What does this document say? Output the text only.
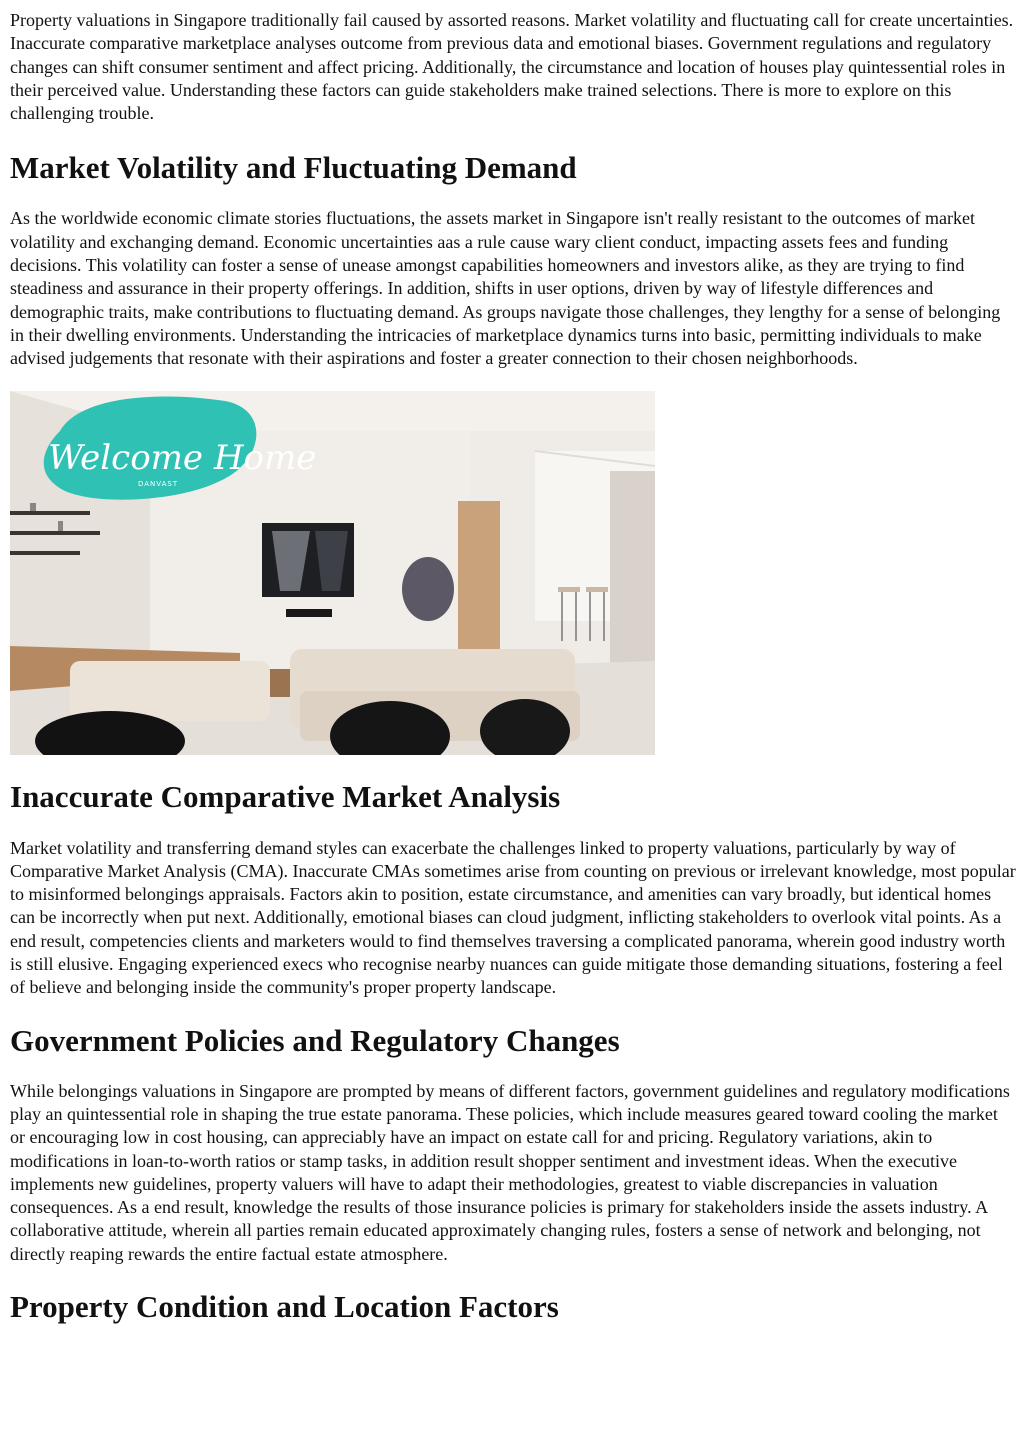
Property valuations in Singapore traditionally fail caused by assorted reasons. Market volatility and fluctuating call for create uncertainties. Inaccurate comparative marketplace analyses outcome from previous data and emotional biases. Government regulations and regulatory changes can shift consumer sentiment and affect pricing. Additionally, the circumstance and location of houses play quintessential roles in their perceived value. Understanding these factors can guide stakeholders make trained selections. There is more to explore on this challenging trouble.

Market Volatility and Fluctuating Demand

As the worldwide economic climate stories fluctuations, the assets market in Singapore isn't really resistant to the outcomes of market volatility and exchanging demand. Economic uncertainties aas a rule cause wary client conduct, impacting assets fees and funding decisions. This volatility can foster a sense of unease amongst capabilities homeowners and investors alike, as they are trying to find steadiness and assurance in their property offerings. In addition, shifts in user options, driven by way of lifestyle differences and demographic traits, make contributions to fluctuating demand. As groups navigate those challenges, they lengthy for a sense of belonging in their dwelling environments. Understanding the intricacies of marketplace dynamics turns into basic, permitting individuals to make advised judgements that resonate with their aspirations and foster a greater connection to their chosen neighborhoods.

Welcome Home
DANVAST
Inaccurate Comparative Market Analysis

Market volatility and transferring demand styles can exacerbate the challenges linked to property valuations, particularly by way of Comparative Market Analysis (CMA). Inaccurate CMAs sometimes arise from counting on previous or irrelevant knowledge, most popular to misinformed belongings appraisals. Factors akin to position, estate circumstance, and amenities can vary broadly, but identical homes can be incorrectly when put next. Additionally, emotional biases can cloud judgment, inflicting stakeholders to overlook vital points. As a end result, competencies clients and marketers would to find themselves traversing a complicated panorama, wherein good industry worth is still elusive. Engaging experienced execs who recognise nearby nuances can guide mitigate those demanding situations, fostering a feel of believe and belonging inside the community's proper property landscape.

Government Policies and Regulatory Changes

While belongings valuations in Singapore are prompted by means of different factors, government guidelines and regulatory modifications play an quintessential role in shaping the true estate panorama. These policies, which include measures geared toward cooling the market or encouraging low in cost housing, can appreciably have an impact on estate call for and pricing. Regulatory variations, akin to modifications in loan-to-worth ratios or stamp tasks, in addition result shopper sentiment and investment ideas. When the executive implements new guidelines, property valuers will have to adapt their methodologies, greatest to viable discrepancies in valuation consequences. As a end result, knowledge the results of those insurance policies is primary for stakeholders inside the assets industry. A collaborative attitude, wherein all parties remain educated approximately changing rules, fosters a sense of network and belonging, not directly reaping rewards the entire factual estate atmosphere.

Property Condition and Location Factors
